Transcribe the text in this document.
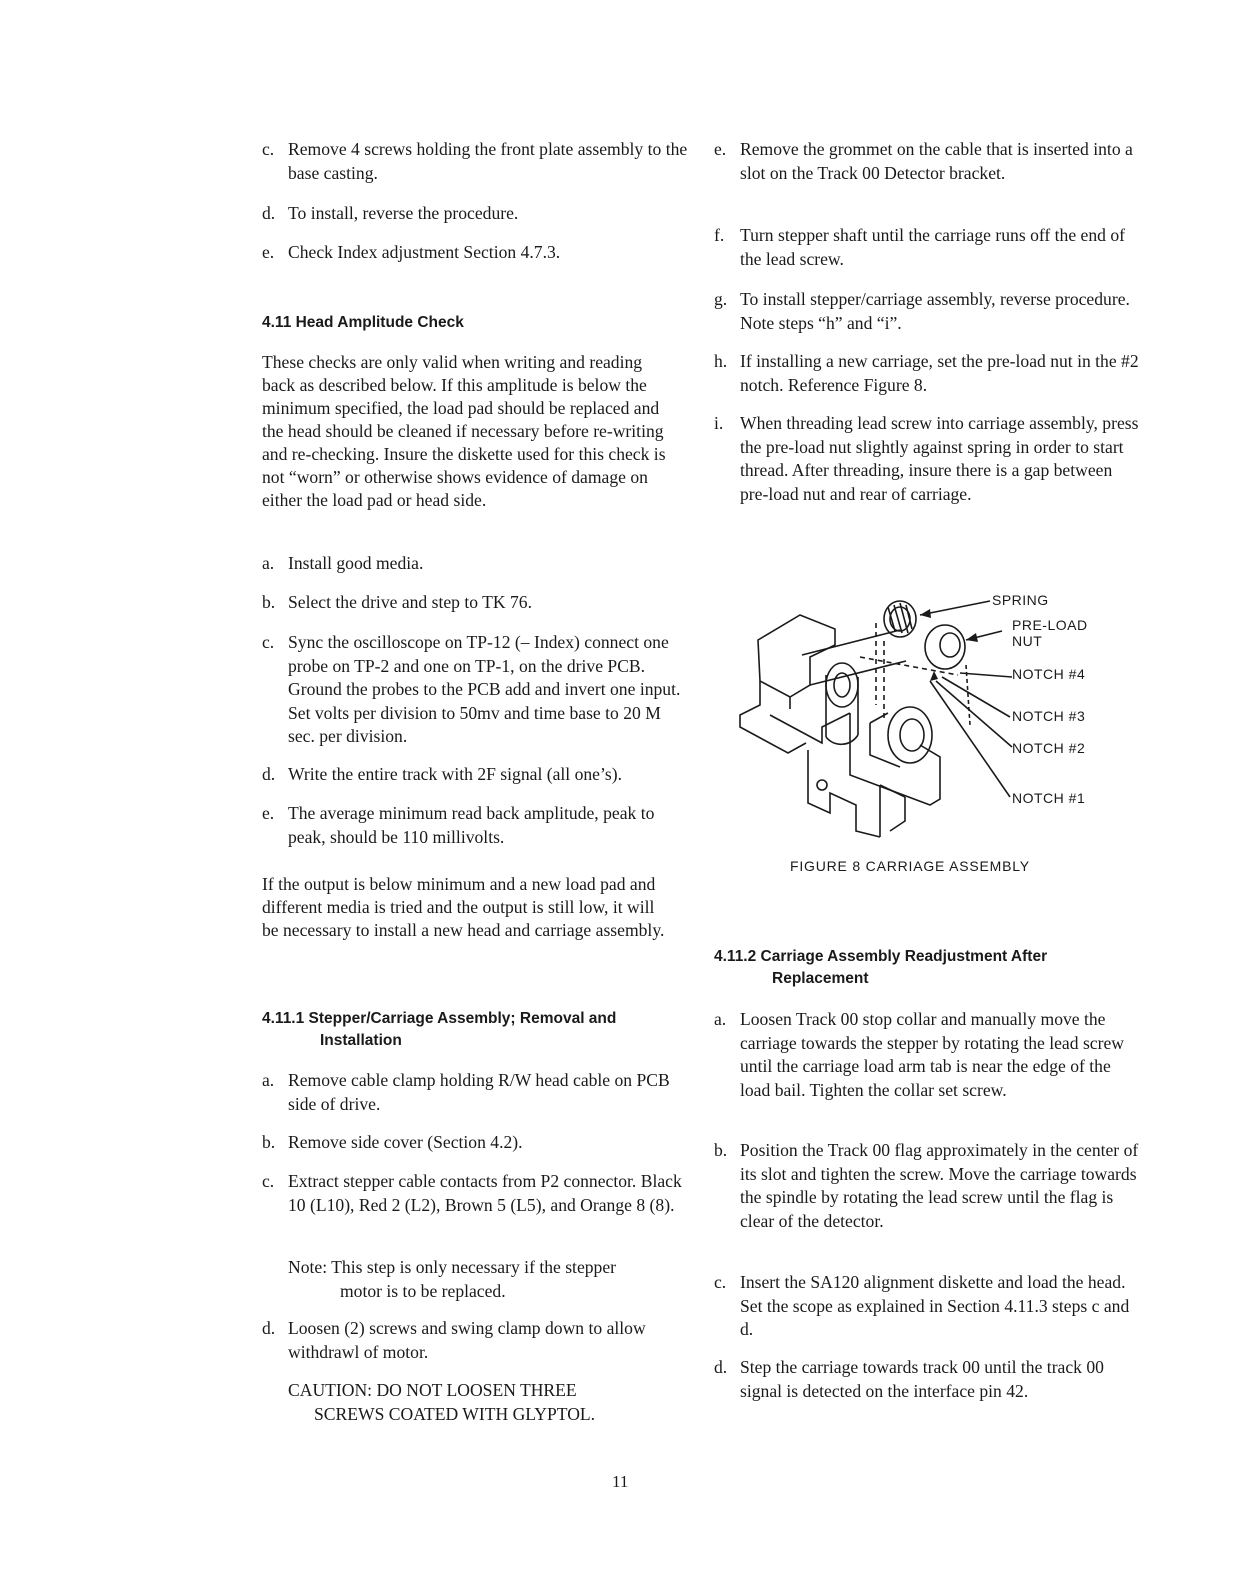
c. Remove 4 screws holding the front plate assembly to the base casting.
d. To install, reverse the procedure.
e. Check Index adjustment Section 4.7.3.
4.11 Head Amplitude Check

These checks are only valid when writing and reading back as described below. If this amplitude is below the minimum specified, the load pad should be replaced and the head should be cleaned if necessary before re-writing and re-checking. Insure the diskette used for this check is not “worn” or otherwise shows evidence of damage on either the load pad or head side.

a. Install good media.
b. Select the drive and step to TK 76.
c. Sync the oscilloscope on TP-12 (– Index) connect one probe on TP-2 and one on TP-1, on the drive PCB. Ground the probes to the PCB add and invert one input. Set volts per division to 50mv and time base to 20 M sec. per division.
d. Write the entire track with 2F signal (all one’s).
e. The average minimum read back amplitude, peak to peak, should be 110 millivolts.

If the output is below minimum and a new load pad and different media is tried and the output is still low, it will be necessary to install a new head and carriage assembly.

4.11.1 Stepper/Carriage Assembly; Removal and
Installation
a. Remove cable clamp holding R/W head cable on PCB side of drive.
b. Remove side cover (Section 4.2).
c. Extract stepper cable contacts from P2 connector. Black 10 (L10), Red 2 (L2), Brown 5 (L5), and Orange 8 (8).
Note: This step is only necessary if the stepper
motor is to be replaced.
d. Loosen (2) screws and swing clamp down to allow withdrawl of motor.
CAUTION: DO NOT LOOSEN THREE
SCREWS COATED WITH GLYPTOL.
e. Remove the grommet on the cable that is inserted into a slot on the Track 00 Detector bracket.
f. Turn stepper shaft until the carriage runs off the end of the lead screw.
g. To install stepper/carriage assembly, reverse procedure. Note steps “h” and “i”.
h. If installing a new carriage, set the pre-load nut in the #2 notch. Reference Figure 8.
i. When threading lead screw into carriage assembly, press the pre-load nut slightly against spring in order to start thread. After threading, insure there is a gap between pre-load nut and rear of carriage.
SPRING
PRE-LOAD
NUT
NOTCH #4
NOTCH #3
NOTCH #2
NOTCH #1
FIGURE 8 CARRIAGE ASSEMBLY
4.11.2 Carriage Assembly Readjustment After
Replacement
a. Loosen Track 00 stop collar and manually move the carriage towards the stepper by rotating the lead screw until the carriage load arm tab is near the edge of the load bail. Tighten the collar set screw.
b. Position the Track 00 flag approximately in the center of its slot and tighten the screw. Move the carriage towards the spindle by rotating the lead screw until the flag is clear of the detector.
c. Insert the SA120 alignment diskette and load the head. Set the scope as explained in Section 4.11.3 steps c and d.
d. Step the carriage towards track 00 until the track 00 signal is detected on the interface pin 42.
11
